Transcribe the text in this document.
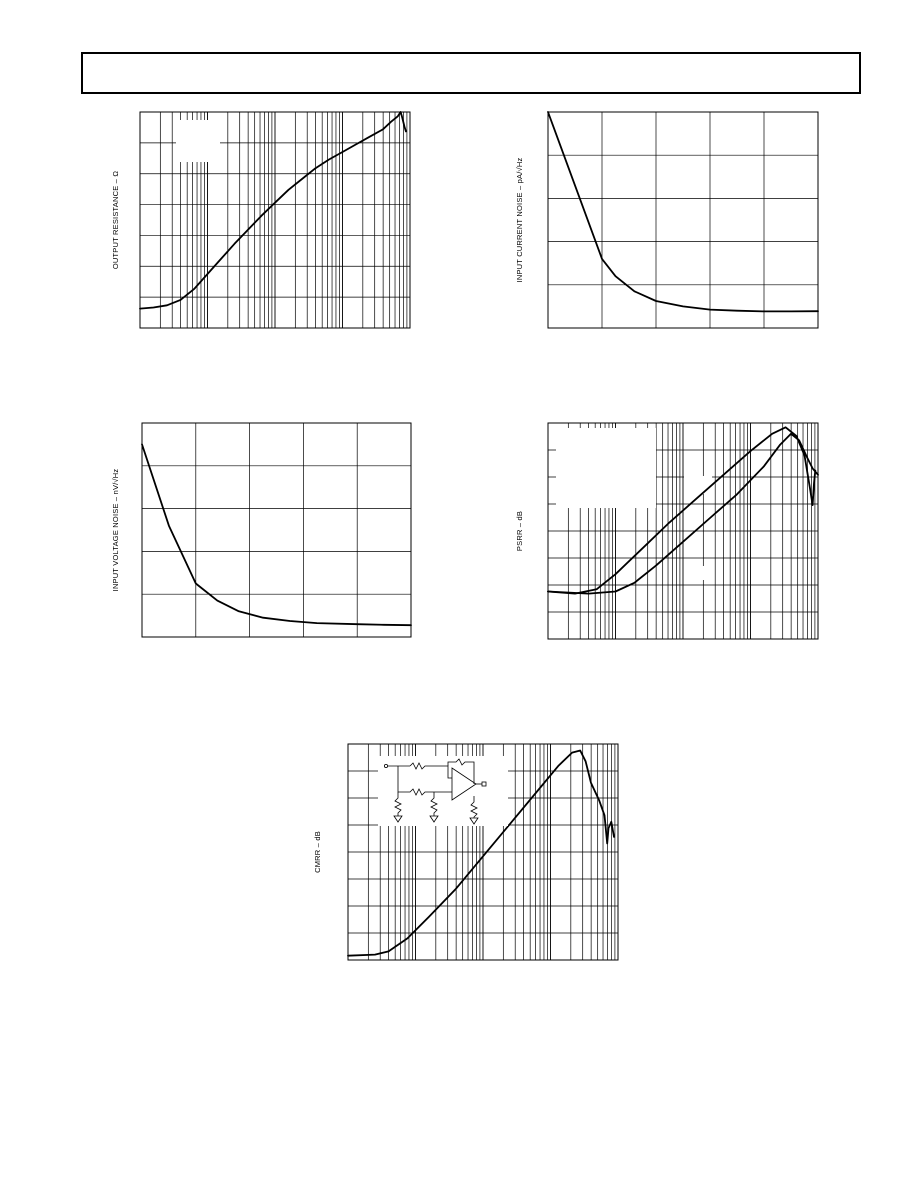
OUTPUT RESISTANCE – Ω	INPUT CURRENT NOISE – pA/√Hz
INPUT VOLTAGE NOISE – nV/√Hz	PSRR – dB
CMRR – dB
